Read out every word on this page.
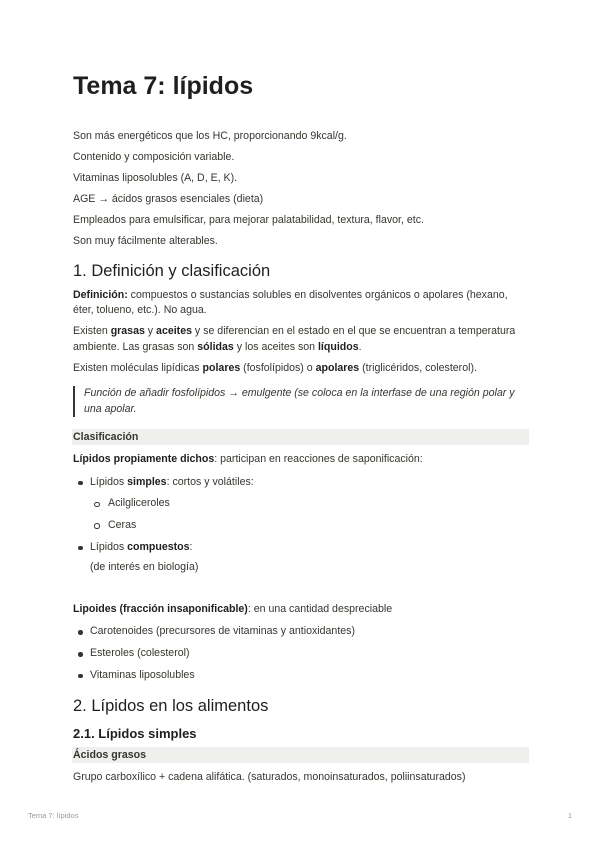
Tema 7: lípidos

Son más energéticos que los HC, proporcionando 9kcal/g.

Contenido y composición variable.

Vitaminas liposolubles (A, D, E, K).

AGE → ácidos grasos esenciales (dieta)

Empleados para emulsificar, para mejorar palatabilidad, textura, flavor, etc.

Son muy fácilmente alterables.

1. Definición y clasificación

Definición: compuestos o sustancias solubles en disolventes orgánicos o apolares (hexano, éter, tolueno, etc.). No agua.

Existen grasas y aceites y se diferencian en el estado en el que se encuentran a temperatura ambiente. Las grasas son sólidas y los aceites son líquidos.

Existen moléculas lipídicas polares (fosfolípidos) o apolares (triglicéridos, colesterol).

Función de añadir fosfolípidos → emulgente (se coloca en la interfase de una región polar y una apolar.
Clasificación

Lípidos propiamente dichos: participan en reacciones de saponificación:

Lípidos simples: cortos y volátiles:
Acilgliceroles
Ceras
Lípidos compuestos:
(de interés en biología)

Lipoides (fracción insaponificable): en una cantidad despreciable

Carotenoides (precursores de vitaminas y antioxidantes)
Esteroles (colesterol)
Vitaminas liposolubles
2. Lípidos en los alimentos
2.1. Lípidos simples
Ácidos grasos

Grupo carboxílico + cadena alifática. (saturados, monoinsaturados, poliinsaturados)

Tema 7: lípidos	1
